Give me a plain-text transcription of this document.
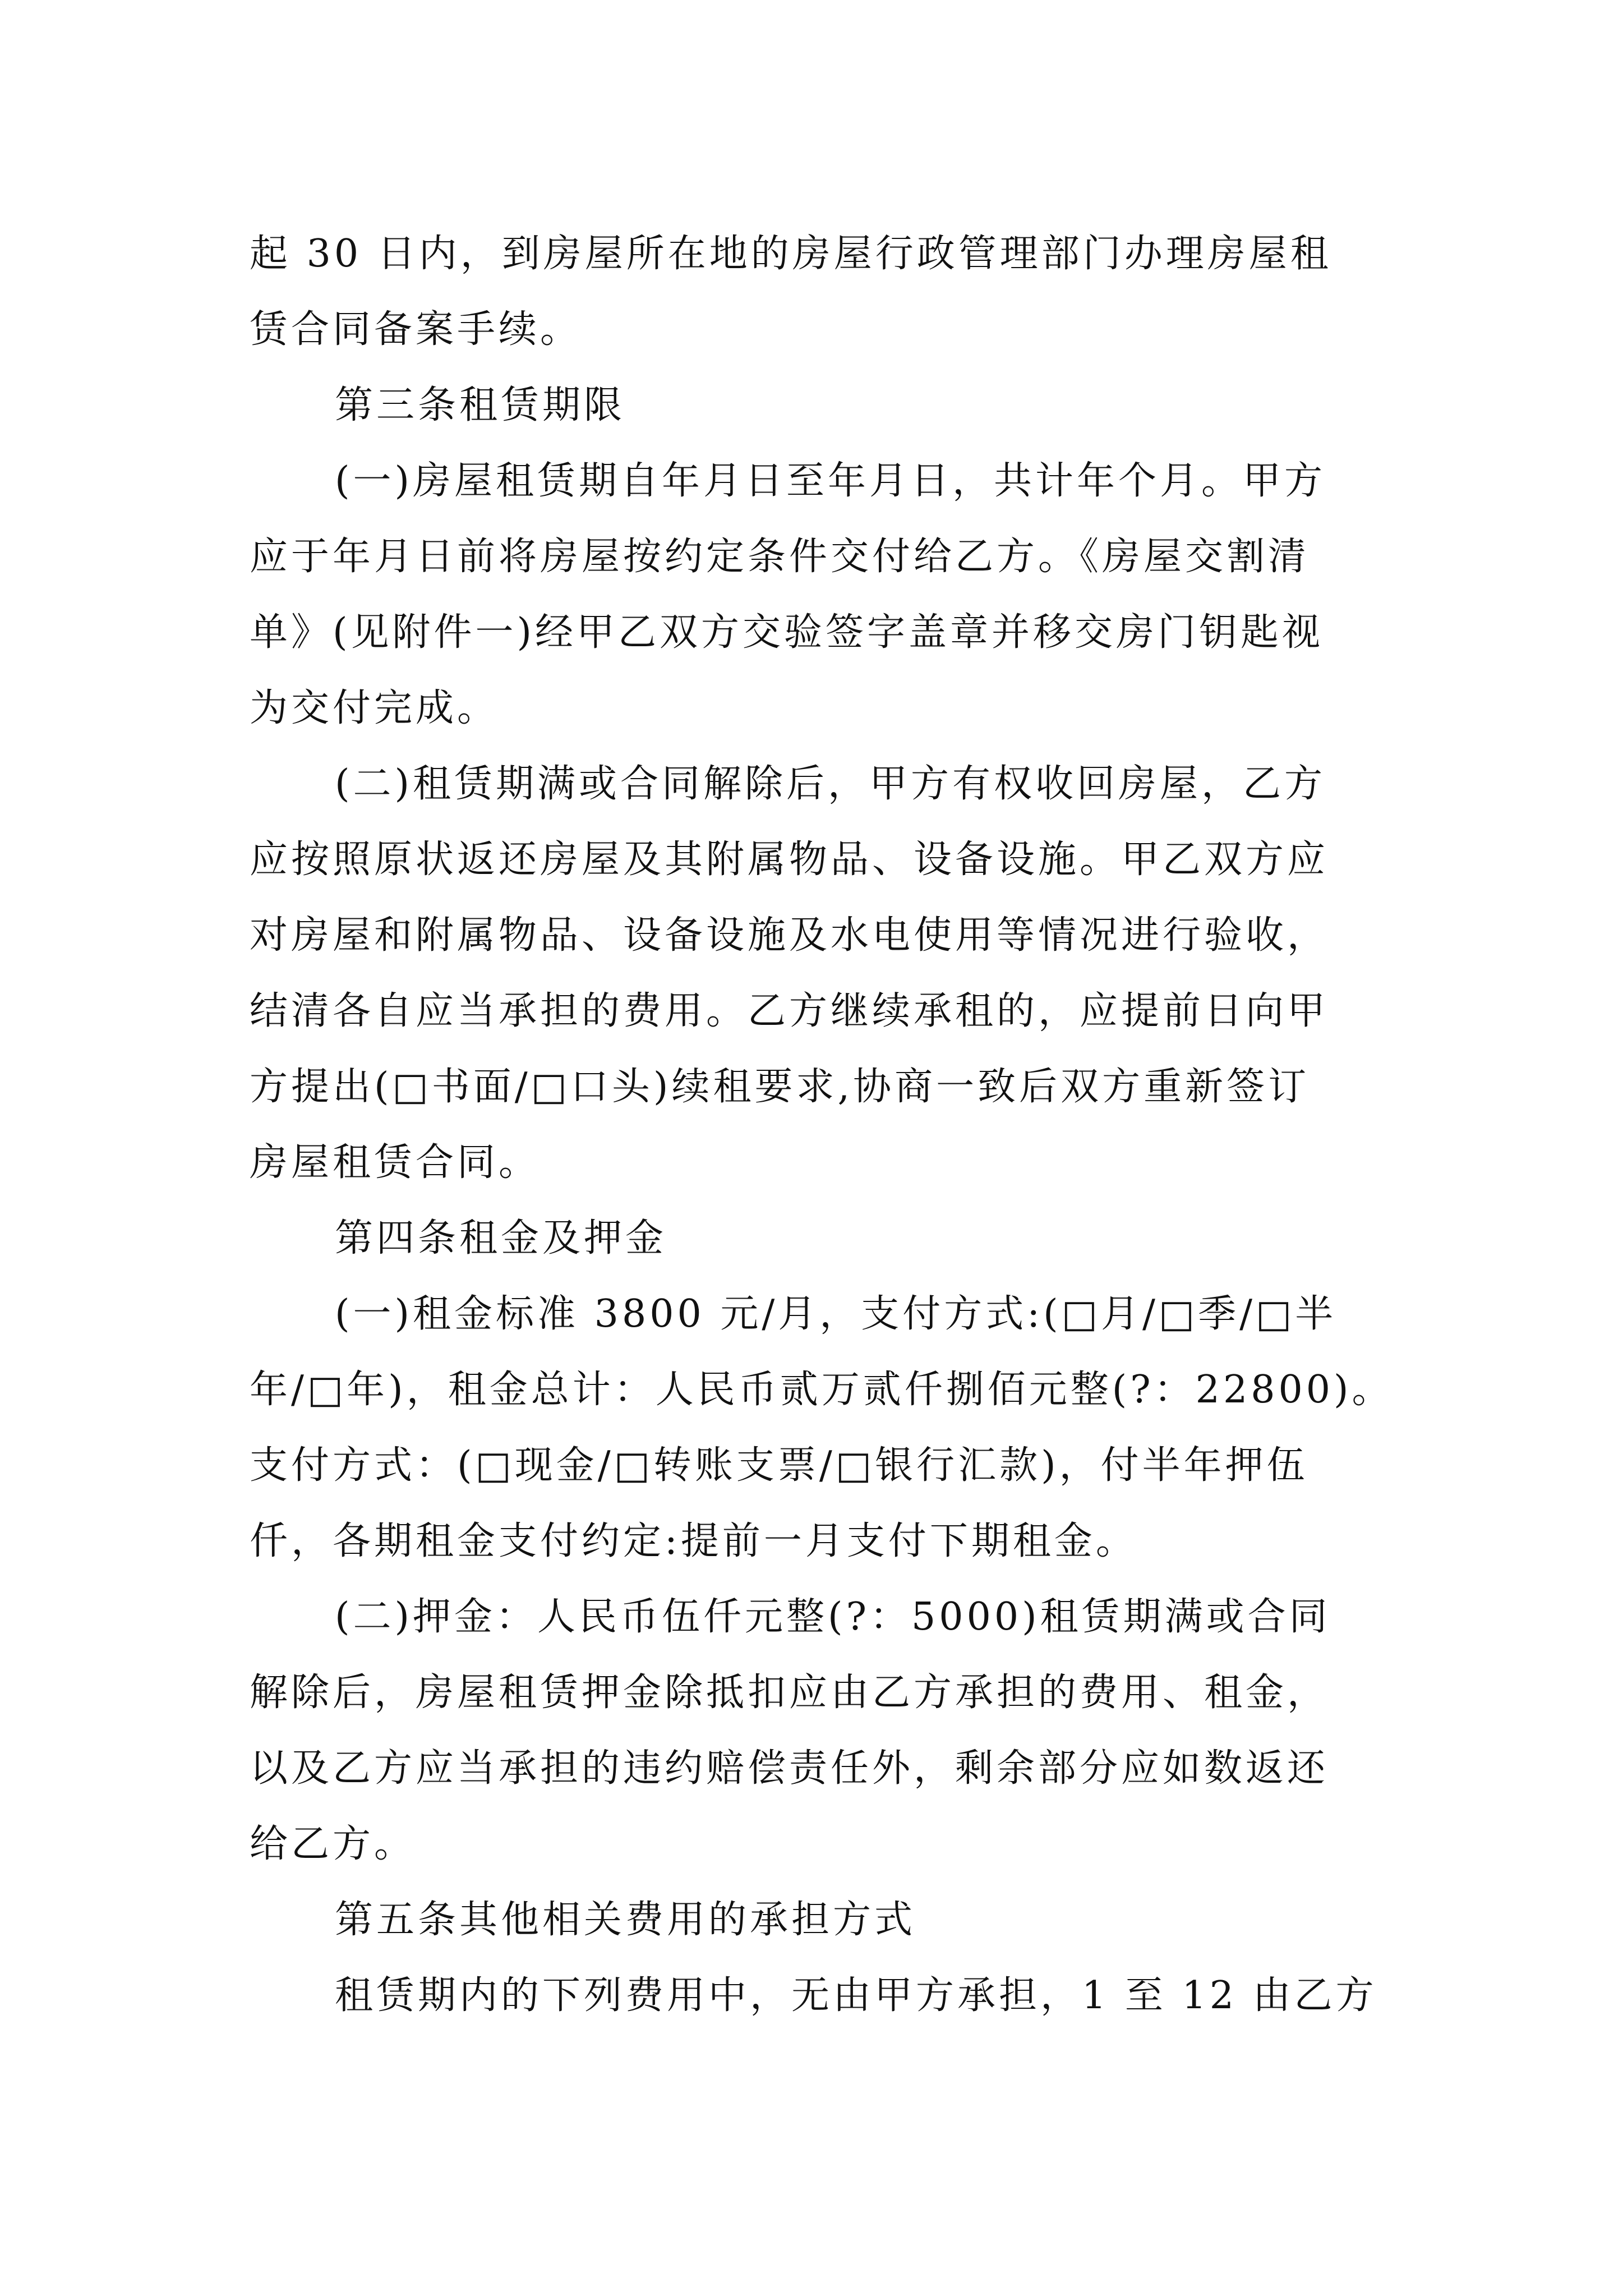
起 30 日内，到房屋所在地的房屋行政管理部门办理房屋租
赁合同备案手续。
第三条租赁期限
(一)房屋租赁期自年月日至年月日，共计年个月。甲方
应于年月日前将房屋按约定条件交付给乙方。《房屋交割清
单》(见附件一)经甲乙双方交验签字盖章并移交房门钥匙视
为交付完成。
(二)租赁期满或合同解除后，甲方有权收回房屋，乙方
应按照原状返还房屋及其附属物品、设备设施。甲乙双方应
对房屋和附属物品、设备设施及水电使用等情况进行验收，
结清各自应当承担的费用。乙方继续承租的，应提前日向甲
方提出(□书面/□口头)续租要求,协商一致后双方重新签订
房屋租赁合同。
第四条租金及押金
(一)租金标准 3800 元/月，支付方式:(□月/□季/□半
年/□年)，租金总计：人民币贰万贰仟捌佰元整(?：22800)。
支付方式：(□现金/□转账支票/□银行汇款)，付半年押伍
仟，各期租金支付约定:提前一月支付下期租金。
(二)押金：人民币伍仟元整(?：5000)租赁期满或合同
解除后，房屋租赁押金除抵扣应由乙方承担的费用、租金，
以及乙方应当承担的违约赔偿责任外，剩余部分应如数返还
给乙方。
第五条其他相关费用的承担方式
租赁期内的下列费用中，无由甲方承担，1 至 12 由乙方
